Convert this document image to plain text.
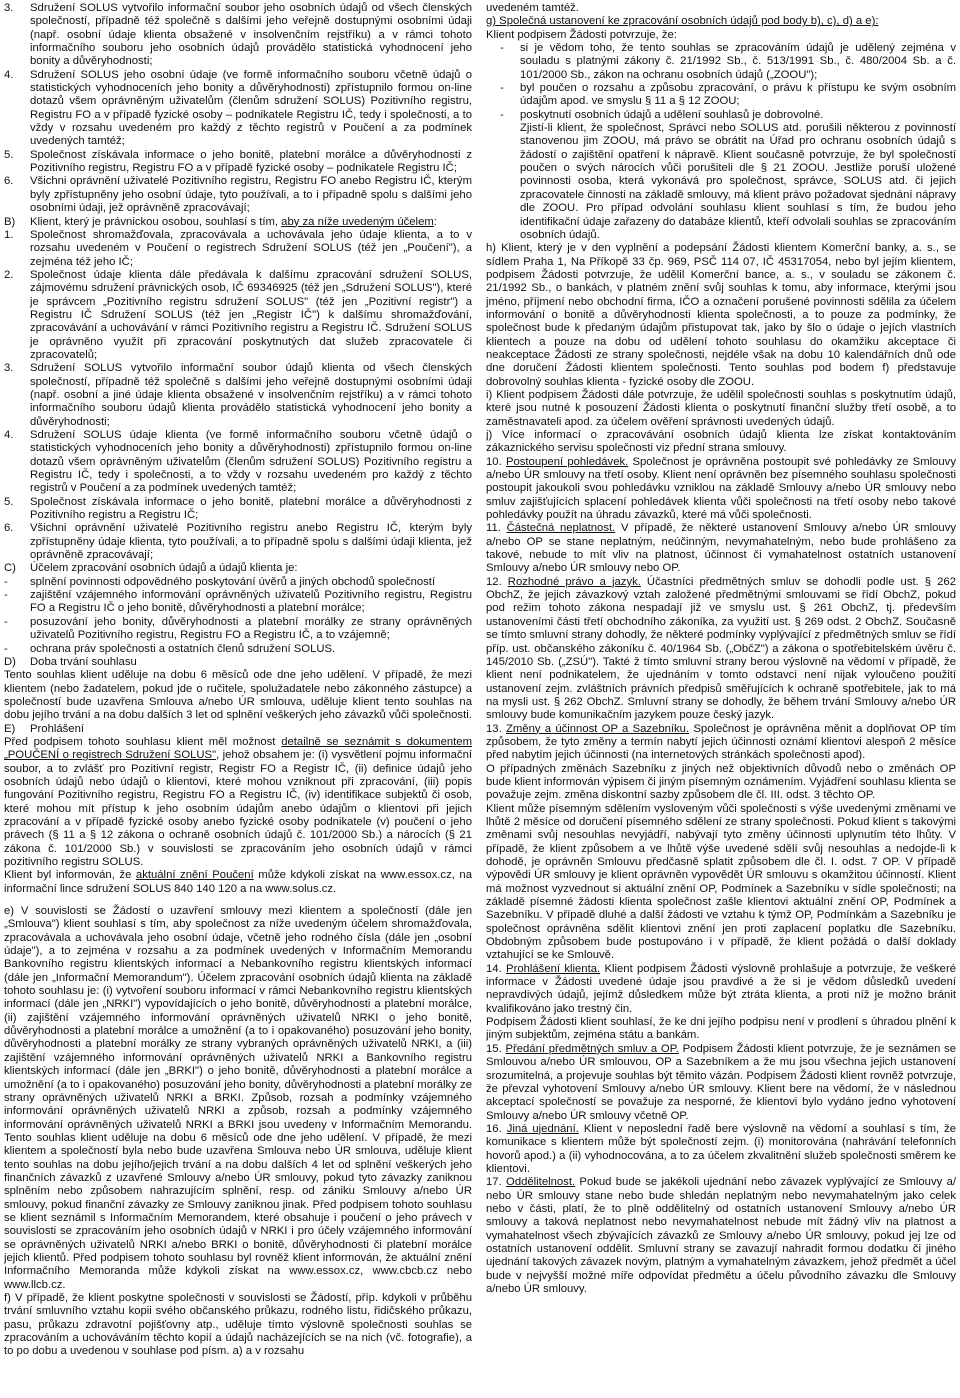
3. Sdružení SOLUS vytvořilo informační soubor jeho osobních údajů od všech členských společností, případně též společně s dalšími jeho veřejně dostupnými osobními údaji (např. osobní údaje klienta obsažené v insolvenčním rejstříku) a v rámci tohoto informačního souboru jeho osobních údajů provádělo statistická vyhodnocení jeho bonity a důvěryhodnosti;

4. Sdružení SOLUS jeho osobní údaje (ve formě informačního souboru včetně údajů o statistických vyhodnoceních jeho bonity a důvěryhodnosti) zpřístupnilo formou on-line dotazů všem oprávněným uživatelům (členům sdružení SOLUS) Pozitivního registru, Registru FO a v případě fyzické osoby – podnikatele Registru IČ, tedy i společnosti, a to vždy v rozsahu uvedeném pro každý z těchto registrů v Poučení a za podmínek uvedených tamtéž;

5. Společnost získávala informace o jeho bonitě, platební morálce a důvěryhodnosti z Pozitivního registru, Registru FO a v případě fyzické osoby – podnikatele Registru IČ;

6. Všichni oprávnění uživatelé Pozitivního registru, Registru FO anebo Registru IČ, kterým byly zpřístupněny jeho osobní údaje, tyto používali, a to i případně spolu s dalšími jeho osobními údaji, jež oprávněně zpracovávají;

B) Klient, který je právnickou osobou, souhlasí s tím, aby za níže uvedeným účelem:

1. Společnost shromažďovala, zpracovávala a uchovávala jeho údaje klienta, a to v rozsahu uvedeném v Poučení o registrech Sdružení SOLUS (též jen „Poučení"), a zejména též jeho IČ;

2. Společnost údaje klienta dále předávala k dalšímu zpracování sdružení SOLUS, zájmovému sdružení právnických osob, IČ 69346925 (též jen „Sdružení SOLUS"), které je správcem „Pozitivního registru sdružení SOLUS" (též jen „Pozitivní registr") a Registru IČ Sdružení SOLUS (též jen „Registr IČ") k dalšímu shromažďování, zpracovávání a uchovávání v rámci Pozitivního registru a Registru IČ. Sdružení SOLUS je oprávněno využít při zpracování poskytnutých dat služeb zpracovatele či zpracovatelů;

3. Sdružení SOLUS vytvořilo informační soubor údajů klienta od všech členských společností, případně též společně s dalšími jeho veřejně dostupnými osobními údaji (např. osobní a jiné údaje klienta obsažené v insolvenčním rejstříku) a v rámci tohoto informačního souboru údajů klienta provádělo statistická vyhodnocení jeho bonity a důvěryhodnosti;

4. Sdružení SOLUS údaje klienta (ve formě informačního souboru včetně údajů o statistických vyhodnoceních jeho bonity a důvěryhodnosti) zpřístupnilo formou on-line dotazů všem oprávněným uživatelům (členům sdružení SOLUS) Pozitivního registru a Registru IČ, tedy i společnosti, a to vždy v rozsahu uvedeném pro každý z těchto registrů v Poučení a za podmínek uvedených tamtéž;

5. Společnost získávala informace o jeho bonitě, platební morálce a důvěryhodnosti z Pozitivního registru a Registru IČ;

6. Všichni oprávnění uživatelé Pozitivního registru anebo Registru IČ, kterým byly zpřístupněny údaje klienta, tyto používali, a to případně spolu s dalšími údaji klienta, jež oprávněně zpracovávají;

C) Účelem zpracování osobních údajů a údajů klienta je:

- splnění povinnosti odpovědného poskytování úvěrů a jiných obchodů společností

- zajištění vzájemného informování oprávněných uživatelů Pozitivního registru, Registru FO a Registru IČ o jeho bonitě, důvěryhodnosti a platební morálce;

- posuzování jeho bonity, důvěryhodnosti a platební morálky ze strany oprávněných uživatelů Pozitivního registru, Registru FO a Registru IČ, a to vzájemně;

- ochrana práv společnosti a ostatních členů sdružení SOLUS.

D) Doba trvání souhlasu

Tento souhlas klient uděluje na dobu 6 měsíců ode dne jeho udělení. V případě, že mezi klientem (nebo žadatelem, pokud jde o ručitele, spolužadatele nebo zákonného zástupce) a společností bude uzavřena Smlouva a/nebo ÚR smlouva, uděluje klient tento souhlas na dobu jejího trvání a na dobu dalších 3 let od splnění veškerých jeho závazků vůči společnosti.

E) Prohlášení

Před podpisem tohoto souhlasu klient měl možnost detailně se seznámit s dokumentem „POUČENÍ o registrech Sdružení SOLUS", jehož obsahem je: (i) vysvětlení pojmu informační soubor, a to zvlášť pro Pozitivní registr, Registr FO a Registr IČ, (ii) definice údajů jeho osobních údajů nebo údajů o klientovi, které mohou vzniknout při zpracování, (iii) popis fungování Pozitivního registru, Registru FO a Registru IČ, (iv) identifikace subjektů či osob, které mohou mít přístup k jeho osobním údajům anebo údajům o klientovi při jejich zpracování a v případě fyzické osoby anebo fyzické osoby podnikatele (v) poučení o jeho právech (§ 11 a § 12 zákona o ochraně osobních údajů č. 101/2000 Sb.) a nárocích (§ 21 zákona č. 101/2000 Sb.) v souvislosti se zpracováním jeho osobních údajů v rámci pozitivního registru SOLUS.

Klient byl informován, že aktuální znění Poučení může kdykoli získat na www.essox.cz, na informační lince sdružení SOLUS 840 140 120 a na www.solus.cz.

e) V souvislosti se Žádostí o uzavření smlouvy mezi klientem a společností (dále jen „Smlouva") klient souhlasí s tím, aby společnost za níže uvedeným účelem shromažďovala, zpracovávala a uchovávala jeho osobní údaje, včetně jeho rodného čísla (dále jen „osobní údaje"), a to zejména v rozsahu a za podmínek uvedených v Informačním Memorandu Bankovního registru klientských informací a Nebankovního registru klientských informací (dále jen „Informační Memorandum"). Účelem zpracování osobních údajů klienta na základě tohoto souhlasu je: (i) vytvoření souboru informací v rámci Nebankovního registru klientských informací (dále jen „NRKI") vypovídajících o jeho bonitě, důvěryhodnosti a platební morálce, (ii) zajištění vzájemného informování oprávněných uživatelů NRKI o jeho bonitě, důvěryhodnosti a platební morálce a umožnění (a to i opakovaného) posuzování jeho bonity, důvěryhodnosti a platební morálky ze strany vybraných oprávněných uživatelů NRKI, a (iii) zajištění vzájemného informování oprávněných uživatelů NRKI a Bankovního registru klientských informací (dále jen „BRKI") o jeho bonitě, důvěryhodnosti a platební morálce a umožnění (a to i opakovaného) posuzování jeho bonity, důvěryhodnosti a platební morálky ze strany oprávněných uživatelů NRKI a BRKI. Způsob, rozsah a podmínky vzájemného informování oprávněných uživatelů NRKI a způsob, rozsah a podmínky vzájemného informování oprávněných uživatelů NRKI a BRKI jsou uvedeny v Informačním Memorandu. Tento souhlas klient uděluje na dobu 6 měsíců ode dne jeho udělení. V případě, že mezi klientem a společností byla nebo bude uzavřena Smlouva nebo ÚR smlouva, uděluje klient tento souhlas na dobu jejího/jejich trvání a na dobu dalších 4 let od splnění veškerých jeho finančních závazků z uzavřené Smlouvy a/nebo ÚR smlouvy, pokud tyto závazky zaniknou splněním nebo způsobem nahrazujícím splnění, resp. od zániku Smlouvy a/nebo ÚR smlouvy, pokud finanční závazky ze Smlouvy zaniknou jinak. Před podpisem tohoto souhlasu se klient seznámil s Informačním Memorandem, které obsahuje i poučení o jeho právech v souvislosti se zpracováním jeho osobních údajů v NRKI i pro účely vzájemného informování se oprávněných uživatelů NRKI a/nebo BRKI o bonitě, důvěryhodnosti či platební morálce jejich klientů. Před podpisem tohoto souhlasu byl rovněž klient informován, že aktuální znění Informačního Memoranda může kdykoli získat na www.essox.cz, www.cbcb.cz nebo www.llcb.cz.

f) V případě, že klient poskytne společnosti v souvislosti se Žádostí, příp. kdykoli v průběhu trvání smluvního vztahu kopii svého občanského průkazu, rodného listu, řidičského průkazu, pasu, průkazu zdravotní pojišťovny atp., uděluje tímto výslovně společnosti souhlas se zpracováním a uchováváním těchto kopií a údajů nacházejících se na nich (vč. fotografie), a to po dobu a uvedenou v souhlase pod písm. a) a v rozsahu

uvedeném tamtéž.

g) Společná ustanovení ke zpracování osobních údajů pod body b), c), d) a e):

Klient podpisem Žádosti potvrzuje, že:

- si je vědom toho, že tento souhlas se zpracováním údajů je udělený zejména v souladu s platnými zákony č. 21/1992 Sb., č. 513/1991 Sb., č. 480/2004 Sb. a č. 101/2000 Sb., zákon na ochranu osobních údajů („ZOOU");

- byl poučen o rozsahu a způsobu zpracování, o právu k přístupu ke svým osobním údajům apod. ve smyslu § 11 a § 12 ZOOU;

- poskytnutí osobních údajů a udělení souhlasů je dobrovolné.

Zjistí-li klient, že společnost, Správci nebo SOLUS atd. porušili některou z povinností stanovenou jim ZOOU, má právo se obrátit na Úřad pro ochranu osobních údajů s žádostí o zajištění opatření k nápravě. Klient současně potvrzuje, že byl společností poučen o svých nárocích vůči porušiteli dle § 21 ZOOU. Jestliže poruší uložené povinnosti osoba, která vykonává pro společnost, správce, SOLUS atd. či jejich zpracovatele činnosti na základě smlouvy, má klient právo požadovat sjednání nápravy dle ZOOU. Pro případ odvolání souhlasu klient souhlasí s tím, že budou jeho identifikační údaje zařazeny do databáze klientů, kteří odvolali souhlas se zpracováním osobních údajů.

h) Klient, který je v den vyplnění a podepsání Žádosti klientem Komerční banky, a. s., se sídlem Praha 1, Na Příkopě 33 čp. 969, PSČ 114 07, IČ 45317054, nebo byl jejím klientem, podpisem Žádosti potvrzuje, že udělil Komerční bance, a. s., v souladu se zákonem č. 21/1992 Sb., o bankách, v platném znění svůj souhlas k tomu, aby informace, kterými jsou jméno, příjmení nebo obchodní firma, IČO a označení porušené povinnosti sdělila za účelem informování o bonitě a důvěryhodnosti klienta společnosti, a to pouze za podmínky, že společnost bude k předaným údajům přistupovat tak, jako by šlo o údaje o jejích vlastních klientech a pouze na dobu od udělení tohoto souhlasu do okamžiku akceptace či neakceptace Žádosti ze strany společnosti, nejdéle však na dobu 10 kalendářních dnů ode dne doručení Žádosti klientem společnosti. Tento souhlas pod bodem f) představuje dobrovolný souhlas klienta - fyzické osoby dle ZOOU.

i) Klient podpisem Žádosti dále potvrzuje, že udělil společnosti souhlas s poskytnutím údajů, které jsou nutné k posouzení Žádosti klienta o poskytnutí finanční služby třetí osobě, a to zaměstnavateli apod. za účelem ověření správnosti uvedených údajů.

j) Více informací o zpracovávání osobních údajů klienta lze získat kontaktováním zákaznického servisu společnosti viz přední strana smlouvy.

10. Postoupení pohledávek. Společnost je oprávněna postoupit své pohledávky ze Smlouvy a/nebo ÚR smlouvy na třetí osoby. Klient není oprávněn bez písemného souhlasu společnosti postoupit jakoukoli svou pohledávku vzniklou na základě Smlouvy a/nebo ÚR smlouvy nebo smluv zajišťujících splacení pohledávek klienta vůči společnosti na třetí osoby nebo takové pohledávky použít na úhradu závazků, které má vůči společnosti.

11. Částečná neplatnost. V případě, že některé ustanovení Smlouvy a/nebo ÚR smlouvy a/nebo OP se stane neplatným, neúčinným, nevymahatelným, nebo bude prohlášeno za takové, nebude to mít vliv na platnost, účinnost či vymahatelnost ostatních ustanovení Smlouvy a/nebo ÚR smlouvy nebo OP.

12. Rozhodné právo a jazyk. Účastníci předmětných smluv se dohodli podle ust. § 262 ObchZ, že jejich závazkový vztah založené předmětnými smlouvami se řídí ObchZ, pokud pod režim tohoto zákona nespadají již ve smyslu ust. § 261 ObchZ, tj. především ustanoveními části třetí obchodního zákoníka, za využití ust. § 269 odst. 2 ObchZ. Současně se tímto smluvní strany dohodly, že některé podmínky vyplývající z předmětných smluv se řídí příp. ust. občanského zákoníku č. 40/1964 Sb. („ObčZ") a zákona o spotřebitelském úvěru č. 145/2010 Sb. („ZSÚ"). Takté ž tímto smluvní strany berou výslovně na vědomí v případě, že klient není podnikatelem, že ujednáním v tomto odstavci není nijak vyloučeno použití ustanovení zejm. zvláštních právních předpisů směřujících k ochraně spotřebitele, jak to má na mysli ust. § 262 ObchZ. Smluvní strany se dohodly, že během trvání Smlouvy a/nebo ÚR smlouvy bude komunikačním jazykem pouze český jazyk.

13. Změny a účinnost OP a Sazebníku. Společnost je oprávněna měnit a doplňovat OP tím způsobem, že tyto změny a termín nabytí jejich účinnosti oznámí klientovi alespoň 2 měsíce před nabytím jejich účinnosti (na internetových stránkách společnosti apod).

O případných změnách Sazebníku z jiných než objektivních důvodů nebo o změnách OP bude klient informován výpisem či jiným písemným oznámením. Vyjádření souhlasu klienta se považuje zejm. změna diskontní sazby způsobem dle čl. III. odst. 3 těchto OP.

Klient může písemným sdělením vysloveným vůči společnosti s výše uvedenými změnami ve lhůtě 2 měsíce od doručení písemného sdělení ze strany společnosti. Pokud klient s takovými změnami svůj nesouhlas nevyjádří, nabývají tyto změny účinnosti uplynutím této lhůty. V případě, že klient způsobem a ve lhůtě výše uvedené sdělí svůj nesouhlas a nedojde-li k dohodě, je oprávněn Smlouvu předčasně splatit způsobem dle čl. I. odst. 7 OP. V případě výpovědi ÚR smlouvy je klient oprávněn vypovědět ÚR smlouvu s okamžitou účinností. Klient má možnost vyzvednout si aktuální znění OP, Podmínek a Sazebníku v sídle společnosti; na základě písemné žádosti klienta společnost zašle klientovi aktuální znění OP, Podmínek a Sazebníku. V případě dluhé a další žádosti ve vztahu k týmž OP, Podmínkám a Sazebníku je společnost oprávněna sdělit klientovi znění jen proti zaplacení poplatku dle Sazebníku. Obdobným způsobem bude postupováno i v případě, že klient požádá o další doklady vztahující se ke Smlouvě.

14. Prohlášení klienta. Klient podpisem Žádosti výslovně prohlašuje a potvrzuje, že veškeré informace v Žádosti uvedené údaje jsou pravdivé a že si je vědom důsledků uvedení nepravdivých údajů, jejímž důsledkem může být ztráta klienta, a proti níž je možno bránit kvalifikováno jako trestný čin.

Podpisem Žádosti klient souhlasí, že ke dni jejího podpisu není v prodlení s úhradou plnění k jiným subjektům, zejména státu a bankám.

15. Předání předmětných smluv a OP. Podpisem Žádosti klient potvrzuje, že je seznámen se Smlouvou a/nebo ÚR smlouvou, OP a Sazebníkem a že mu jsou všechna jejich ustanovení srozumitelná, a projevuje souhlas být těmito vázán. Podpisem Žádosti klient rovněž potvrzuje, že převzal vyhotovení Smlouvy a/nebo ÚR smlouvy. Klient bere na vědomí, že v následnou akceptací společností se považuje za nesporné, že klientovi bylo vydáno jedno vyhotovení Smlouvy a/nebo ÚR smlouvy včetně OP.

16. Jiná ujednání. Klient v neposlední řadě bere výslovně na vědomí a souhlasí s tím, že komunikace s klientem může být společností zejm. (i) monitorována (nahrávání telefonních hovorů apod.) a (ii) vyhodnocována, a to za účelem zkvalitnění služeb společnosti směrem ke klientovi.

17. Oddělitelnost. Pokud bude se jakékoli ujednání nebo závazek vyplývající ze Smlouvy a/ nebo ÚR smlouvy stane nebo bude shledán neplatným nebo nevymahatelným jako celek nebo v části, platí, že to plně oddělitelný od ostatních ustanovení Smlouvy a/nebo ÚR smlouvy a taková neplatnost nebo nevymahatelnost nebude mít žádný vliv na platnost a vymahatelnost všech zbývajících závazků ze Smlouvy a/nebo ÚR smlouvy, pokud jej lze od ostatních ustanovení oddělit. Smluvní strany se zavazují nahradit formou dodatku či jiného ujednání takových závazek novým, platným a vymahatelným závazkem, jehož předmět a účel bude v nejvyšší možné míře odpovídat předmětu a účelu původního závazku dle Smlouvy a/nebo ÚR smlouvy.
